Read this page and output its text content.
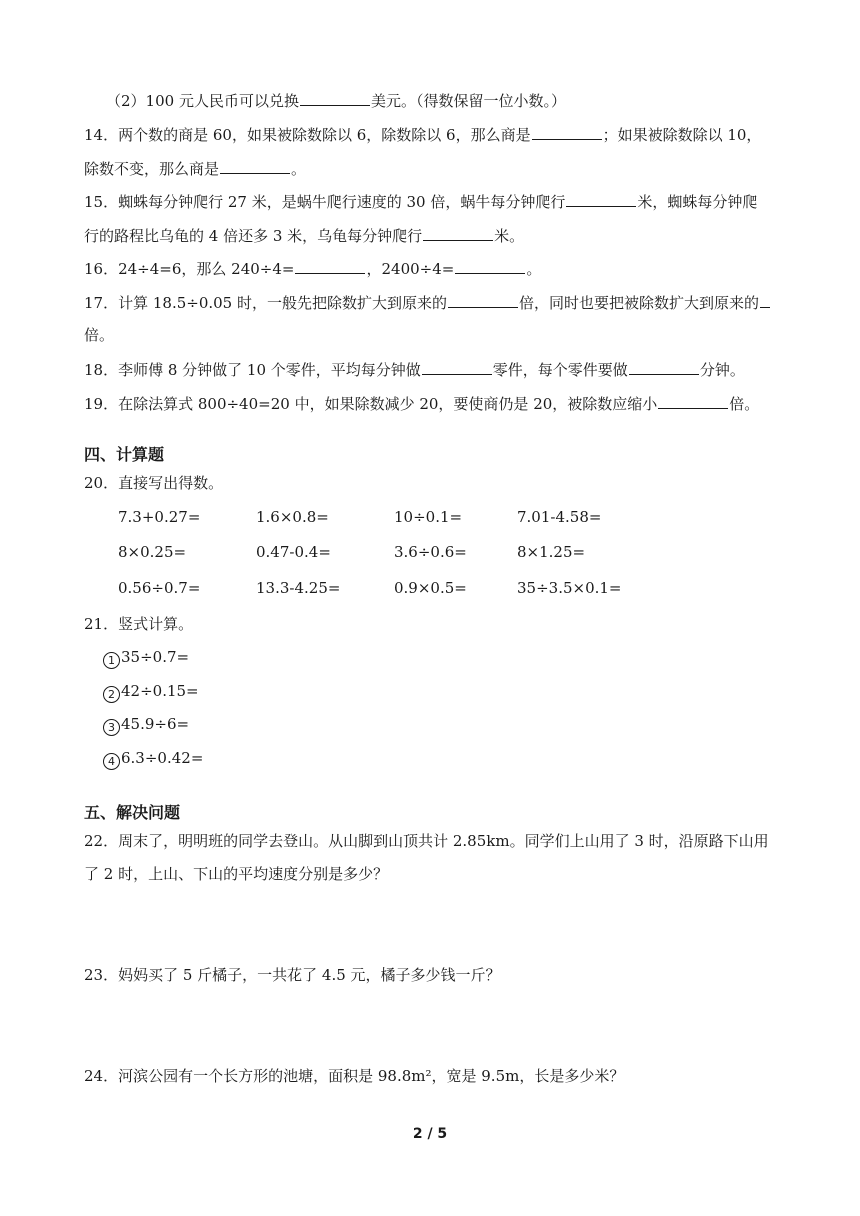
（2）100 元人民币可以兑换	美元。（得数保留一位小数。）
14．两个数的商是 60，如果被除数除以 6，除数除以 6，那么商是	；如果被除数除以 10，
除数不变，那么商是	。
15．蜘蛛每分钟爬行 27 米，是蜗牛爬行速度的 30 倍，蜗牛每分钟爬行	米，蜘蛛每分钟爬
行的路程比乌龟的 4 倍还多 3 米，乌龟每分钟爬行	米。
16．24÷4=6，那么 240÷4=	，2400÷4=	。
17．计算 18.5÷0.05 时，一般先把除数扩大到原来的	倍，同时也要把被除数扩大到原来的
倍。
18．李师傅 8 分钟做了 10 个零件，平均每分钟做	零件，每个零件要做	分钟。
19．在除法算式 800÷40=20 中，如果除数减少 20，要使商仍是 20，被除数应缩小	倍。
四、计算题
20．直接写出得数。
7.3+0.27=	1.6×0.8=	10÷0.1=	7.01-4.58=
8×0.25=	0.47-0.4=	3.6÷0.6=	8×1.25=
0.56÷0.7=	13.3-4.25=	0.9×0.5=	35÷3.5×0.1=
21．竖式计算。
1 35÷0.7=
2 42÷0.15=
3 45.9÷6=
4 6.3÷0.42=
五、解决问题
22．周末了，明明班的同学去登山。从山脚到山顶共计 2.85km。同学们上山用了 3 时，沿原路下山用
了 2 时，上山、下山的平均速度分别是多少？
23．妈妈买了 5 斤橘子，一共花了 4.5 元，橘子多少钱一斤？
24．河滨公园有一个长方形的池塘，面积是 98.8m²，宽是 9.5m，长是多少米？
2 / 5
